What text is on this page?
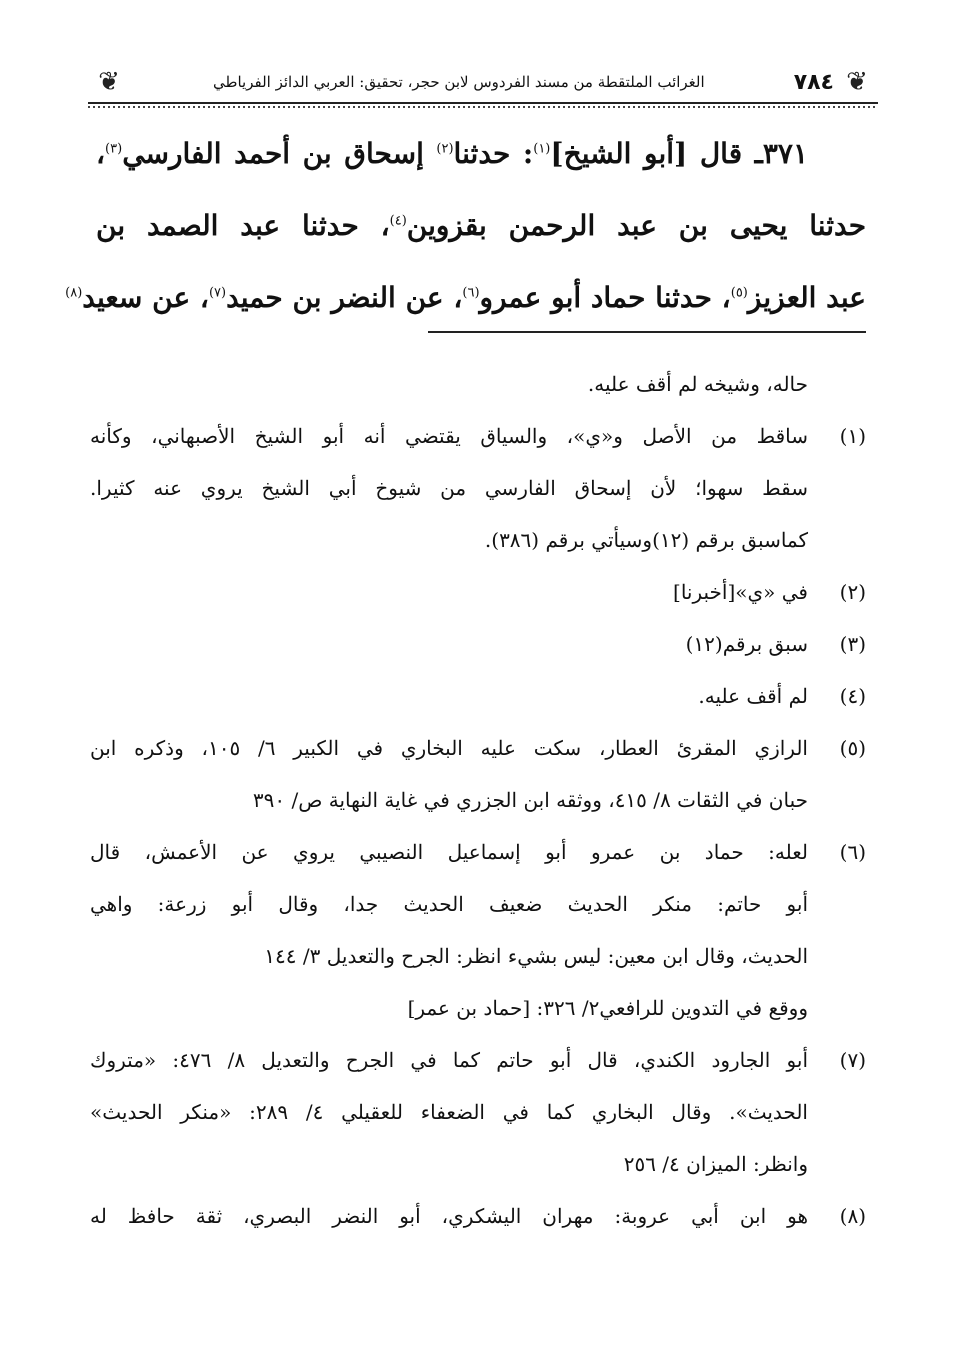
❦
٧٨٤
الغرائب الملتقطة من مسند الفردوس لابن حجر، تحقيق: العربي الدائز الفرياطي
❦
٣٧١ـ قال [أبو الشيخ]$^{(١)}$: حدثنا$^{(٢)}$ إسحاق بن أحمد الفارسي$^{(٣)}$،
حدثنا يحيى بن عبد الرحمن بقزوين$^{(٤)}$، حدثنا عبد الصمد بن
عبد العزيز$^{(٥)}$، حدثنا حماد أبو عمرو$^{(٦)}$، عن النضر بن حميد$^{(٧)}$، عن سعيد$^{(٨)}$
حاله، وشيخه لم أقف عليه.
(١)
ساقط من الأصل و«ي»، والسياق يقتضي أنه أبو الشيخ الأصبهاني، وكأنه
سقط سهوا؛ لأن إسحاق الفارسي من شيوخ أبي الشيخ يروي عنه كثيرا.
كماسبق برقم (١٢)وسيأتي برقم (٣٨٦).
(٢)
في «ي»[أخبرنا]
(٣)
سبق برقم(١٢)
(٤)
لم أقف عليه.
(٥)
الرازي المقرئ العطار، سكت عليه البخاري في الكبير ٦/ ١٠٥، وذكره ابن
حبان في الثقات ٨/ ٤١٥، ووثقه ابن الجزري في غاية النهاية ص/ ٣٩٠
(٦)
لعله: حماد بن عمرو أبو إسماعيل النصيبي يروي عن الأعمش، قال
أبو حاتم: منكر الحديث ضعيف الحديث جدا، وقال أبو زرعة: واهي
الحديث، وقال ابن معين: ليس بشيء انظر: الجرح والتعديل ٣/ ١٤٤
ووقع في التدوين للرافعي٢/ ٣٢٦: [حماد بن عمر]
(٧)
أبو الجارود الكندي، قال أبو حاتم كما في الجرح والتعديل ٨/ ٤٧٦: «متروك
الحديث». وقال البخاري كما في الضعفاء للعقيلي ٤/ ٢٨٩: «منكر الحديث»
وانظر: الميزان ٤/ ٢٥٦
(٨)
هو ابن أبي عروبة: مهران اليشكري، أبو النضر البصري، ثقة حافظ له
